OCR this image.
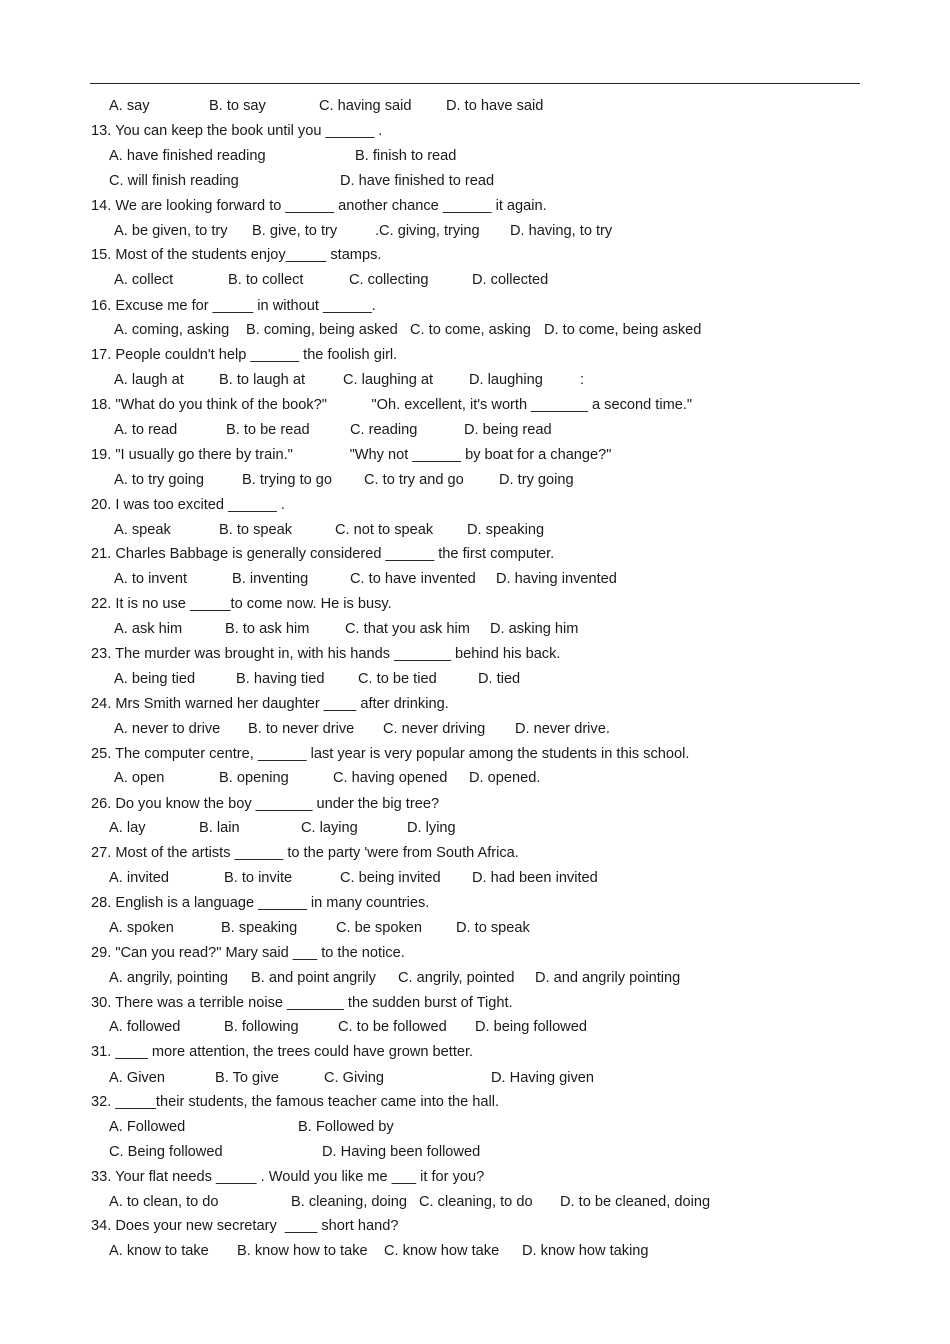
A. say	B. to say	C. having said D. to have said
13. You can keep the book until you ______ .
A. have finished reading	B. finish to read
C. will finish reading	D. have finished to read
14. We are looking forward to ______ another chance ______ it again.
A. be given, to try B. give, to try	.C. giving, trying D. having, to try
15. Most of the students enjoy_____ stamps.
A. collect	B. to collect	C. collecting	D. collected
16. Excuse me for _____ in without ______.
A. coming, asking B. coming, being asked C. to come, asking D. to come, being asked
17. People couldn't help ______ the foolish girl.
A. laugh at B. to laugh at	C. laughing at D. laughing	:
18. "What do you think of the book?"           "Oh. excellent, it's worth _______ a second time."
A. to read	B. to be read	C. reading	D. being read
19. "I usually go there by train."              "Why not ______ by boat for a change?"
A. to try going	B. trying to go C. to try and go D. try going
20. I was too excited ______ .
A. speak	B. to speak	C. not to speak D. speaking
21. Charles Babbage is generally considered ______ the first computer.
A. to invent	B. inventing	C. to have invented D. having invented
22. It is no use _____to come now. He is busy.
A. ask him	B. to ask him C. that you ask him D. asking him
23. The murder was brought in, with his hands _______ behind his back.
A. being tied	B. having tied C. to be tied	D. tied
24. Mrs Smith warned her daughter ____ after drinking.
A. never to drive B. to never drive C. never driving D. never drive.
25. The computer centre, ______ last year is very popular among the students in this school.
A. open	B. opening	C. having opened D. opened.
26. Do you know the boy _______ under the big tree?
A. lay	B. lain	C. laying	D. lying
27. Most of the artists ______ to the party 'were from South Africa.
A. invited	B. to invite	C. being invited D. had been invited
28. English is a language ______ in many countries.
A. spoken	B. speaking	C. be spoken D. to speak
29. "Can you read?" Mary said ___ to the notice.
A. angrily, pointing B. and point angrily C. angrily, pointed D. and angrily pointing
30. There was a terrible noise _______ the sudden burst of Tight.
A. followed	B. following	C. to be followed D. being followed
31. ____ more attention, the trees could have grown better.
A. Given	B. To give	C. Giving	D. Having given
32. _____their students, the famous teacher came into the hall.
A. Followed	B. Followed by
C. Being followed	D. Having been followed
33. Your flat needs _____ . Would you like me ___ it for you?
A. to clean, to do	B. cleaning, doing C. cleaning, to do D. to be cleaned, doing
34. Does your new secretary  ____ short hand?
A. know to take B. know how to take C. know how take D. know how taking
